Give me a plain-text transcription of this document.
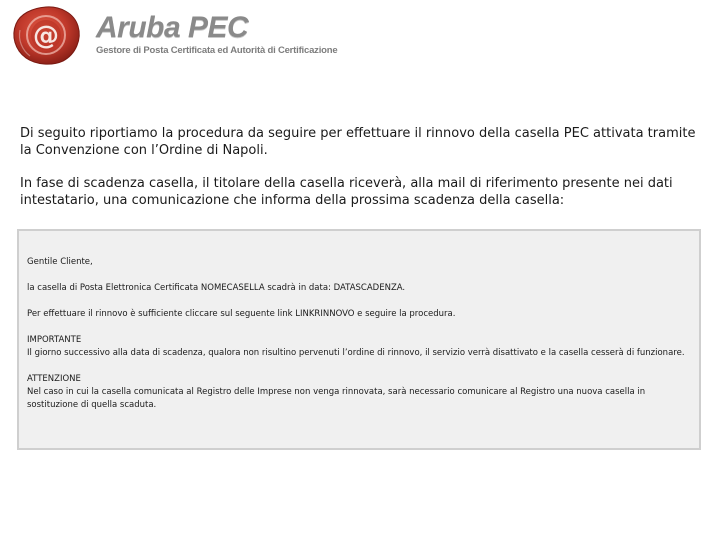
@ Aruba PEC
Gestore di Posta Certificata ed Autorità di Certificazione

Di seguito riportiamo la procedura da seguire per effettuare il rinnovo della casella PEC attivata tramite la Convenzione con l’Ordine di Napoli.

In fase di scadenza casella, il titolare della casella riceverà, alla mail di riferimento presente nei dati intestatario, una comunicazione che informa della prossima scadenza della casella:

Gentile Cliente,

la casella di Posta Elettronica Certificata NOMECASELLA scadrà in data: DATASCADENZA.

Per effettuare il rinnovo è sufficiente cliccare sul seguente link LINKRINNOVO e seguire la procedura.

IMPORTANTE
Il giorno successivo alla data di scadenza, qualora non risultino pervenuti l’ordine di rinnovo, il servizio verrà disattivato e la casella cesserà di funzionare.
ATTENZIONE
Nel caso in cui la casella comunicata al Registro delle Imprese non venga rinnovata, sarà necessario comunicare al Registro una nuova casella in sostituzione di quella scaduta.
